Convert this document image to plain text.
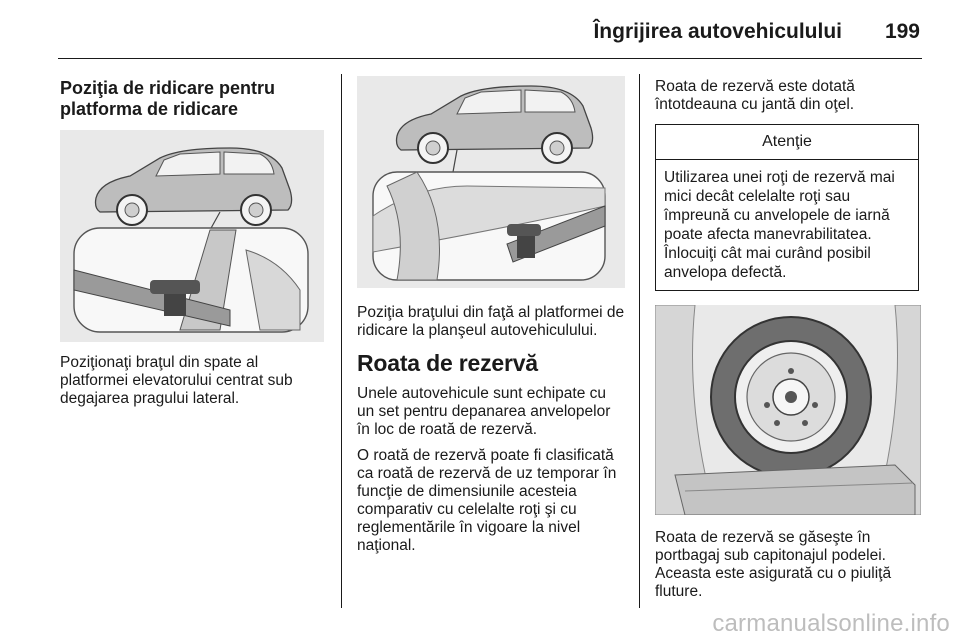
Îngrijirea autovehiculului 199
Poziţia de ridicare pentru platforma de ridicare
Poziţionaţi braţul din spate al platformei elevatorului centrat sub degajarea pragului lateral.
Poziţia braţului din faţă al platformei de ridicare la planşeul autovehiculului.
Roata de rezervă
Unele autovehicule sunt echipate cu un set pentru depanarea anvelopelor în loc de roată de rezervă.
O roată de rezervă poate fi clasificată ca roată de rezervă de uz temporar în funcţie de dimensiunile acesteia comparativ cu celelalte roţi şi cu reglementările în vigoare la nivel naţional.
Roata de rezervă este dotată întotdeauna cu jantă din oţel.
Atenţie
Utilizarea unei roţi de rezervă mai mici decât celelalte roţi sau împreună cu anvelopele de iarnă poate afecta manevrabilitatea. Înlocuiţi cât mai curând posibil anvelopa defectă.
Roata de rezervă se găseşte în portbagaj sub capitonajul podelei. Aceasta este asigurată cu o piuliţă fluture.
carmanualsonline.info
